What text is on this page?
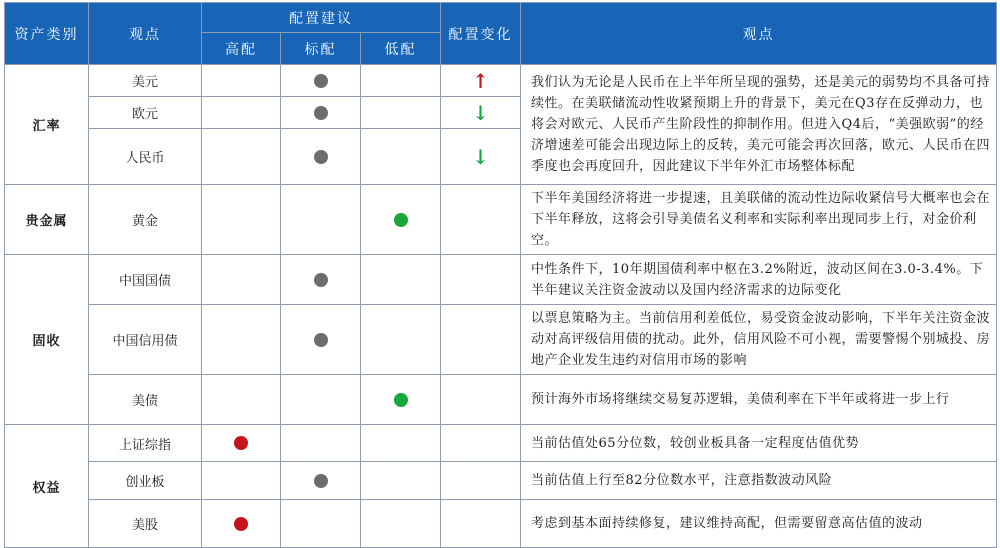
资产类别	观点	配置建议			配置变化	观点
		高配	标配	低配		
汇率	美元				↑	我们认为无论是人民币在上半年所呈现的强势，还是美元的弱势均不具备可持续性。在美联储流动性收紧预期上升的背景下，美元在Q3存在反弹动力，也将会对欧元、人民币产生阶段性的抑制作用。但进入Q4后，“美强欧弱”的经济增速差可能会出现边际上的反转，美元可能会再次回落，欧元、人民币在四季度也会再度回升，因此建议下半年外汇市场整体标配
	欧元				↓	
	人民币				↓	
贵金属	黄金					下半年美国经济将进一步提速，且美联储的流动性边际收紧信号大概率也会在下半年释放，这将会引导美债名义利率和实际利率出现同步上行，对金价利空。
固收	中国国债					中性条件下，10年期国债利率中枢在3.2%附近，波动区间在3.0-3.4%。下半年建议关注资金波动以及国内经济需求的边际变化
	中国信用债					以票息策略为主。当前信用利差低位，易受资金波动影响，下半年关注资金波动对高评级信用债的扰动。此外，信用风险不可小视，需要警惕个别城投、房地产企业发生违约对信用市场的影响
	美债					预计海外市场将继续交易复苏逻辑，美债利率在下半年或将进一步上行
权益	上证综指					当前估值处65分位数，较创业板具备一定程度估值优势
	创业板					当前估值上行至82分位数水平，注意指数波动风险
	美股					考虑到基本面持续修复，建议维持高配，但需要留意高估值的波动
